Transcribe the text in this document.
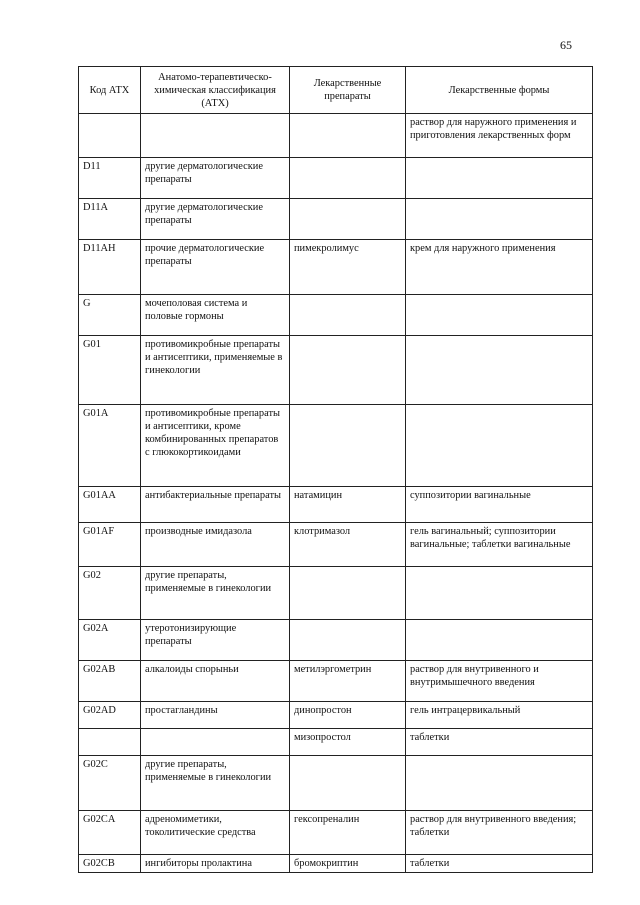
65
Код АТХ	Анатомо-терапевтическо-химическая классификация (АТХ)	Лекарственные препараты	Лекарственные формы
			раствор для наружного применения и приготовления лекарственных форм
D11	другие дерматологические препараты		
D11A	другие дерматологические препараты		
D11AH	прочие дерматологические препараты	пимекролимус	крем для наружного применения
G	мочеполовая система и половые гормоны		
G01	противомикробные препараты и антисептики, применяемые в гинекологии		
G01A	противомикробные препараты и антисептики, кроме комбинированных препаратов с глюкокортикоидами		
G01AA	антибактериальные препараты	натамицин	суппозитории вагинальные
G01AF	производные имидазола	клотримазол	гель вагинальный; суппозитории вагинальные; таблетки вагинальные
G02	другие препараты, применяемые в гинекологии		
G02A	утеротонизирующие препараты		
G02AB	алкалоиды спорыньи	метилэргометрин	раствор для внутривенного и внутримышечного введения
G02AD	простагландины	динопростон	гель интрацервикальный
		мизопростол	таблетки
G02C	другие препараты, применяемые в гинекологии		
G02CA	адреномиметики, токолитические средства	гексопреналин	раствор для внутривенного введения; таблетки
G02CB	ингибиторы пролактина	бромокриптин	таблетки
